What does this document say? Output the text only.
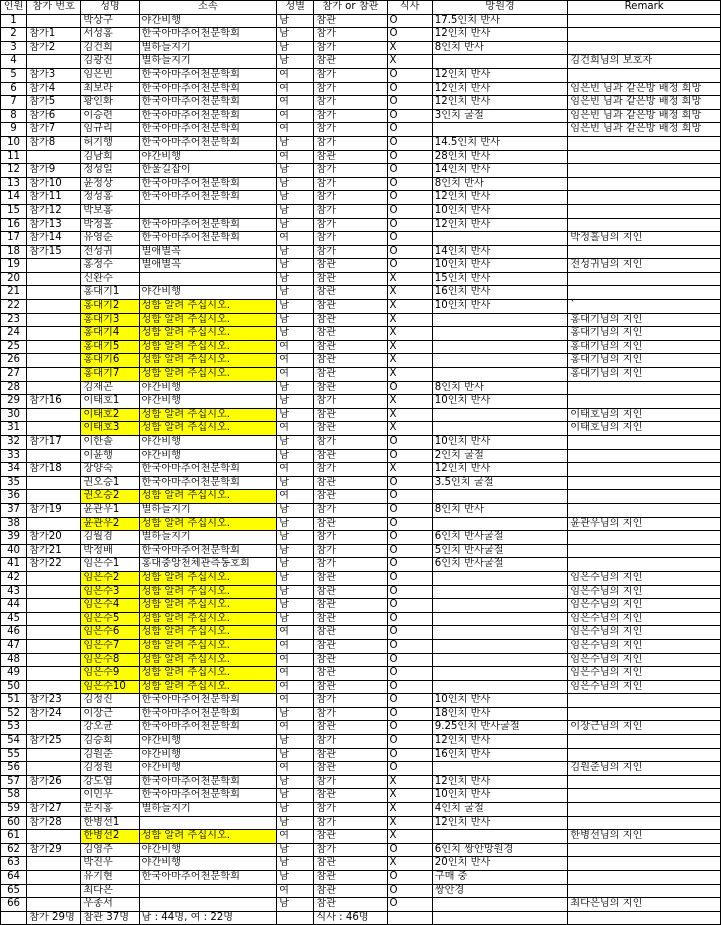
인원	참가 번호	성명	소속	성별	참가 or 참관	식사	망원경	Remark
1		박상구	야간비행	남	참관	O	17.5인치 반사	
2	참가1	서성홍	한국아마추어천문학회	남	참가	O	12인치 반사	
3	참가2	김건희	별하늘지기	남	참가	X	8인치 반사	
4		김광진	별하늘지기	남	참관	X		김건희님의 보호자
5	참가3	임은빈	한국아마추어천문학회	여	참가	O	12인치 반사	
6	참가4	최보라	한국아마추어천문학회	여	참가	O	12인치 반사	임은빈 님과 같은방 배정 희망
7	참가5	황인화	한국아마추어천문학회	여	참가	O	12인치 반사	임은빈 님과 같은방 배정 희망
8	참가6	이승련	한국아마추어천문학회	여	참가	O	3인치 굴절	임은빈 님과 같은방 배정 희망
9	참가7	임규리	한국아마추어천문학회	여	참가	O		임은빈 님과 같은방 배정 희망
10	참가8	허기행	한국아마추어천문학회	남	참가	O	14.5인치 반사	
11		김남희	야간비행	여	참관	O	28인치 반사	
12	참가9	정성일	한울길잡이	남	참가	O	14인치 반사	
13	참가10	윤정상	한국아마추어천문학회	남	참가	O	8인치 반사	
14	참가11	정성홍	한국아마추어천문학회	남	참가	O	12인치 반사	
15	참가12	박보홍		남	참가	O	10인치 반사	
16	참가13	박정홀	한국아마추어천문학회	남	참가	O	12인치 반사	
17	참가14	유영순	한국아마추어천문학회	여	참가	O		박정홀님의 지인
18	참가15	전성귀	별애별곡	남	참가	O	14인치 반사	
19		홍정수	별애별곡	남	참관	O	10인치 반사	전성귀님의 지인
20		신완수		남	참관	X	15인치 반사	
21		홍대기1	야간비행	남	참관	X	16인치 반사	
22		홍대기2	성함 알려 주십시오.	남	참관	X	10인치 반사	`
23		홍대기3	성함 알려 주십시오.	남	참관	X		홍대기님의 지인
24		홍대기4	성함 알려 주십시오.	남	참관	X		홍대기님의 지인
25		홍대기5	성함 알려 주십시오.	여	참관	X		홍대기님의 지인
26		홍대기6	성함 알려 주십시오.	여	참관	X		홍대기님의 지인
27		홍대기7	성함 알려 주십시오.	여	참관	X		홍대기님의 지인
28		김재곤	야간비행	남	참관	O	8인치 반사	
29	참가16	이태호1	야간비행	남	참가	X	10인치 반사	
30		이태호2	성함 알려 주십시오.	남	참관	X		이태호님의 지인
31		이태호3	성함 알려 주십시오.	여	참관	X		이태호님의 지인
32	참가17	이한솔	야간비행	남	참가	O	10인치 반사	
33		이윤행	야간비행	남	참관	O	2인치 굴절	
34	참가18	장양숙	한국아마추어천문학회	여	참가	X	12인치 반사	
35		권오승1	한국아마추어천문학회	남	참관	O	3.5인치 굴절	
36		권오승2	성함 알려 주십시오.	여	참관	O		
37	참가19	윤관우1	별하늘지기	남	참가	O	8인치 반사	
38		윤관우2	성함 알려 주십시오.	남	참관	O		윤관우님의 지인
39	참가20	김월겸	별하늘지기	남	참가	O	6인치 반사굴절	
40	참가21	박정배	한국아마추어천문학회	남	참가	O	5인치 반사굴절	
41	참가22	임은수1	홍대중앙천체관측동호회	남	참가	O	6인치 반사굴절	
42		임은수2	성함 알려 주십시오.	남	참관	O		임은수님의 지인
43		임은수3	성함 알려 주십시오.	남	참관	O		임은수님의 지인
44		임은수4	성함 알려 주십시오.	남	참관	O		임은수님의 지인
45		임은수5	성함 알려 주십시오.	남	참관	O		임은수님의 지인
46		임은수6	성함 알려 주십시오.	여	참관	O		임은수님의 지인
47		임은수7	성함 알려 주십시오.	여	참관	O		임은수님의 지인
48		임은수8	성함 알려 주십시오.	여	참관	O		임은수님의 지인
49		임은수9	성함 알려 주십시오.	여	참관	O		임은수님의 지인
50		임은수10	성함 알려 주십시오.	여	참관	O		임은수님의 지인
51	참가23	김정진	한국아마추어천문학회	여	참가	O	10인치 반사	
52	참가24	이장근	한국아마추어천문학회	남	참가	O	18인치 반사	
53		강오균	한국아마추어천문학회	여	참관	O	9.25인치 반사굴절	이장근님의 지인
54	참가25	김승희	야간비행	남	참가	O	12인치 반사	
55		김원준	야간비행	남	참관	O	16인치 반사	
56		김정원	야간비행	여	참관	O		김원준님의 지인
57	참가26	강도엽	한국아마추어천문학회	남	참가	X	12인치 반사	
58		이민우	한국아마추어천문학회	남	참관	X	10인치 반사	
59	참가27	문지홍	별하늘지기	남	참가	X	4인치 굴절	
60	참가28	한병선1		남	참가	X	12인치 반사	
61		한병선2	성함 알려 주십시오.	여	참관	X		한병선님의 지인
62	참가29	김영주	야간비행	남	참가	O	6인치 쌍안망원경	
63		박진우	야간비행	남	참관	X	20인치 반사	
64		유기현	한국아마추어천문학회	남	참관	O	구매 중	
65		최다은		여	참관	O	쌍안경	
66		우종서		남	참관	O		최다은님의 지인
	참가 29명	참관 37명	남 : 44명, 여 : 22명		식사 : 46명			
